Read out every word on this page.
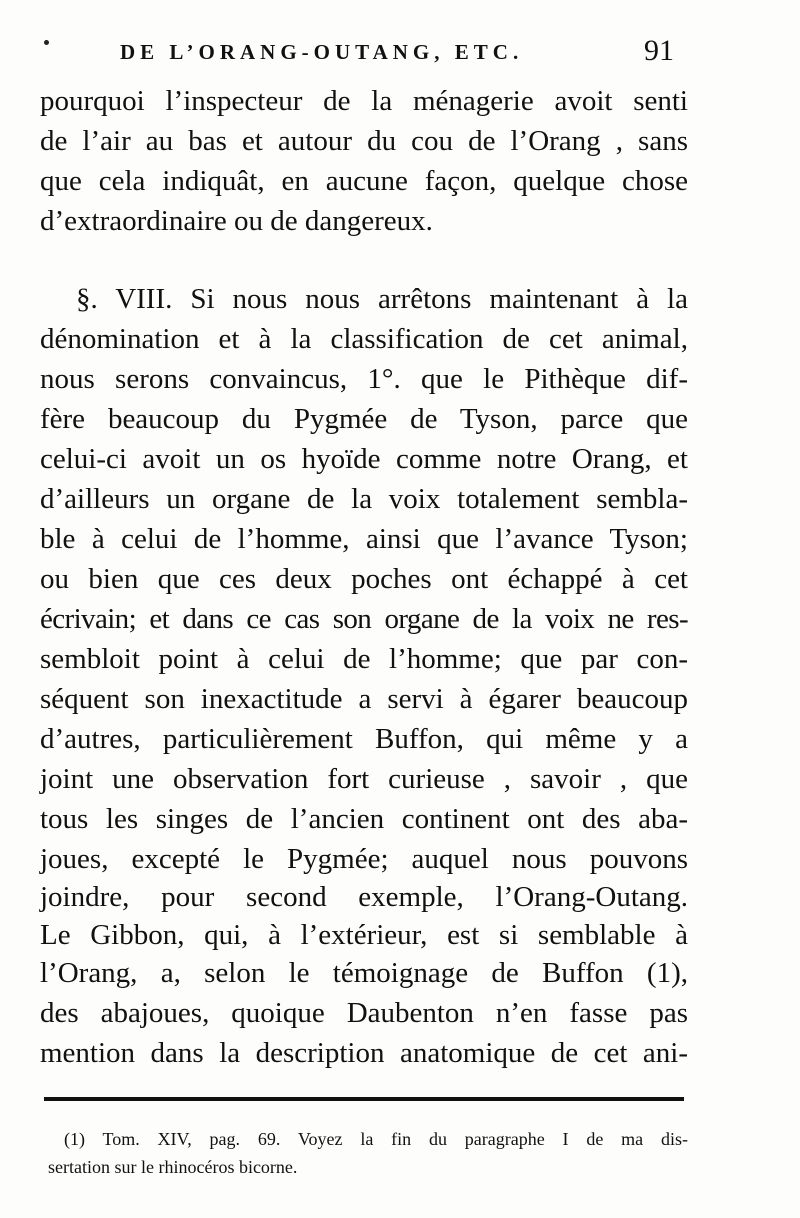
DE L’ORANG-OUTANG, ETC.	91
pourquoi l’inspecteur de la ménagerie avoit senti
de l’air au bas et autour du cou de l’Orang , sans
que cela indiquât, en aucune façon, quelque chose
d’extraordinaire ou de dangereux.
§. VIII. Si nous nous arrêtons maintenant à la
dénomination et à la classification de cet animal,
nous serons convaincus, 1°. que le Pithèque dif-
fère beaucoup du Pygmée de Tyson, parce que
celui-ci avoit un os hyoïde comme notre Orang, et
d’ailleurs un organe de la voix totalement sembla-
ble à celui de l’homme, ainsi que l’avance Tyson;
ou bien que ces deux poches ont échappé à cet
écrivain; et dans ce cas son organe de la voix ne res-
sembloit point à celui de l’homme; que par con-
séquent son inexactitude a servi à égarer beaucoup
d’autres, particulièrement Buffon, qui même y a
joint une observation fort curieuse , savoir , que
tous les singes de l’ancien continent ont des aba-
joues, excepté le Pygmée; auquel nous pouvons
joindre, pour second exemple, l’Orang-Outang.
Le Gibbon, qui, à l’extérieur, est si semblable à
l’Orang, a, selon le témoignage de Buffon (1),
des abajoues, quoique Daubenton n’en fasse pas
mention dans la description anatomique de cet ani-
(1) Tom. XIV, pag. 69. Voyez la fin du paragraphe I de ma dis-
sertation sur le rhinocéros bicorne.
